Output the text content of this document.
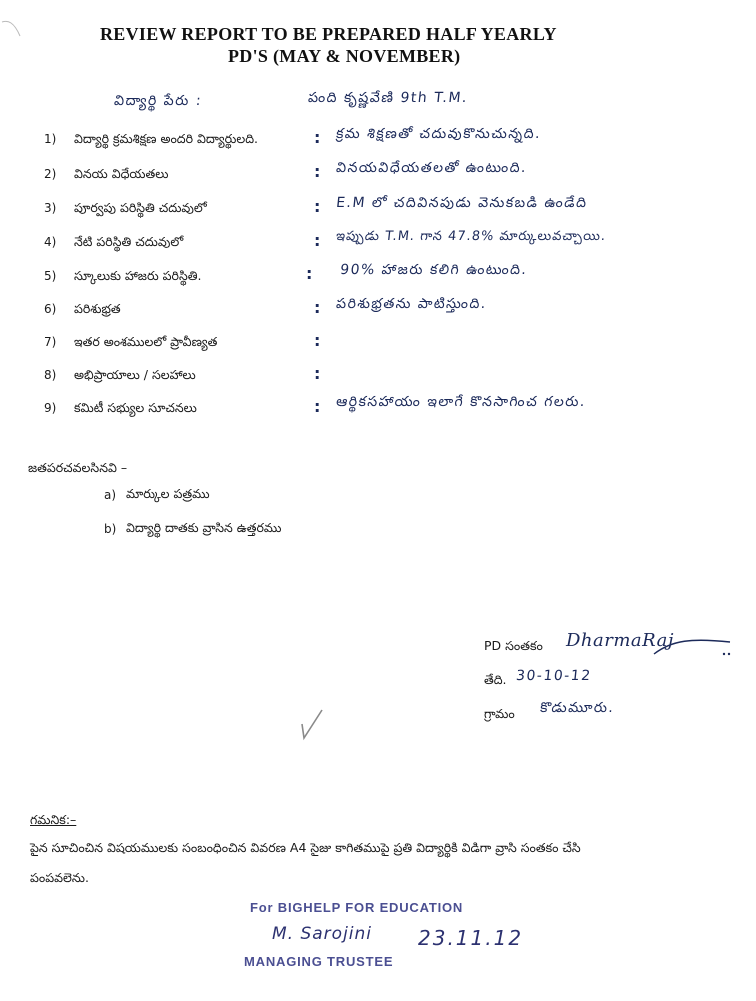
REVIEW REPORT TO BE PREPARED HALF YEARLY
PD'S (MAY & NOVEMBER)
విద్యార్థి పేరు :	పంది కృష్ణవేణి 9th T.M.
1) విద్యార్థి క్రమశిక్షణ అందరి విద్యార్థులది.	: క్రమ శిక్షణతో చదువుకొనుచున్నది.
2) వినయ విధేయతలు	: వినయవిధేయతలతో ఉంటుంది.
3) పూర్వపు పరిస్థితి చదువులో	: E.M లో చదివినపుడు వెనుకబడి ఉండేది
4) నేటి పరిస్థితి చదువులో	: ఇప్పుడు T.M. గాన 47.8% మార్కులువచ్చాయి.
5) స్కూలుకు హాజరు పరిస్థితి.	: 90% హాజరు కలిగి ఉంటుంది.
6) పరిశుభ్రత	: పరిశుభ్రతను పాటిస్తుంది.
7) ఇతర అంశములలో ప్రావీణ్యత	:
8) అభిప్రాయాలు / సలహాలు	:
9) కమిటీ సభ్యుల సూచనలు	: ఆర్థికసహాయం ఇలాగే కొనసాగించ గలరు.
జతపరచవలసినవి –
a) మార్కుల పత్రము
b) విద్యార్థి దాతకు వ్రాసిన ఉత్తరము
PD సంతకం DharmaRaj
తేది. 30-10-12
గ్రామం కొడుమూరు.
గమనిక:–
పైన సూచించిన విషయములకు సంబంధించిన వివరణ A4 సైజు కాగితముపై ప్రతి విద్యార్థికి విడిగా వ్రాసి సంతకం చేసి
పంపవలెను.
For BIGHELP FOR EDUCATION
M. Sarojini 23.11.12
MANAGING TRUSTEE
